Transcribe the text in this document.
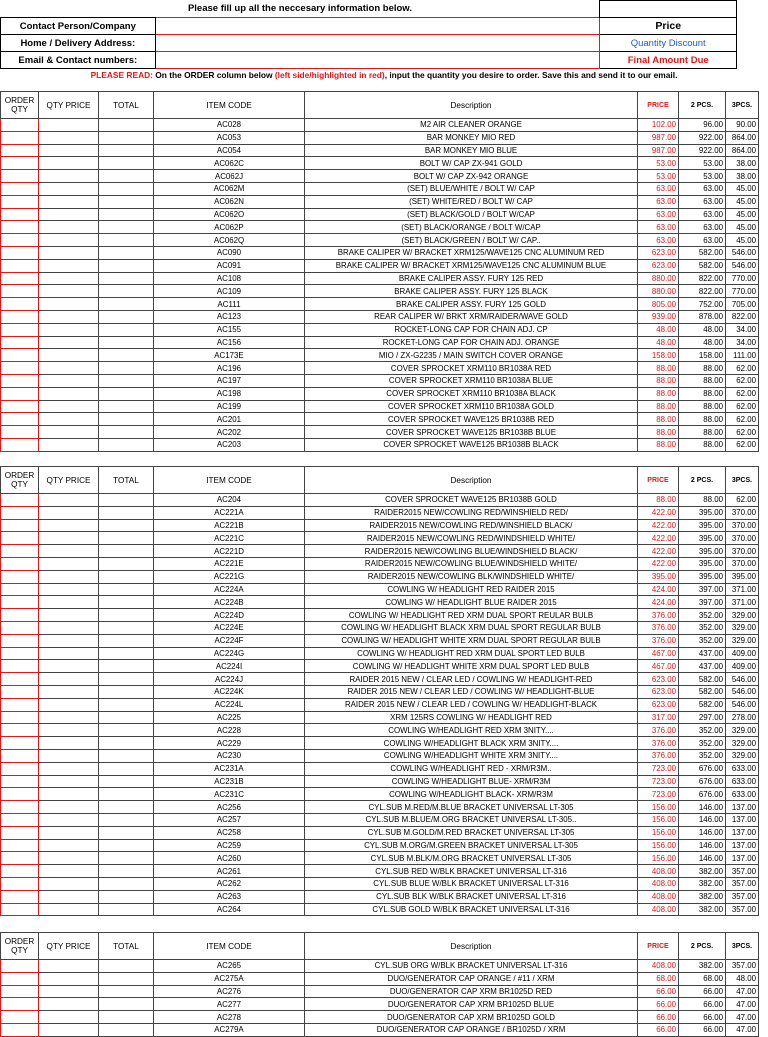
Please fill up all the neccesary information below.		
Contact Person/Company		Price
Home / Delivery Address:		Quantity Discount
Email & Contact numbers:		Final Amount Due
PLEASE READ: On the ORDER column below (left side/highlighted in red), input the quantity you desire to order. Save this and send it to our email.
ORDER QTY	QTY PRICE	TOTAL	ITEM CODE	Description	PRICE	2 PCS.	3PCS.
			AC028	M2 AIR CLEANER ORANGE	102.00	96.00	90.00
			AC053	BAR MONKEY MIO RED	987.00	922.00	864.00
			AC054	BAR MONKEY MIO BLUE	987.00	922.00	864.00
			AC062C	BOLT W/ CAP ZX-941 GOLD	53.00	53.00	38.00
			AC062J	BOLT W/ CAP ZX-942 ORANGE	53.00	53.00	38.00
			AC062M	(SET) BLUE/WHITE / BOLT W/ CAP	63.00	63.00	45.00
			AC062N	(SET) WHITE/RED / BOLT W/ CAP	63.00	63.00	45.00
			AC062O	(SET) BLACK/GOLD / BOLT W/CAP	63.00	63.00	45.00
			AC062P	(SET) BLACK/ORANGE / BOLT W/CAP	63.00	63.00	45.00
			AC062Q	(SET) BLACK/GREEN / BOLT W/ CAP..	63.00	63.00	45.00
			AC090	BRAKE CALIPER W/ BRACKET XRM125/WAVE125 CNC ALUMINUM RED	623.00	582.00	546.00
			AC091	BRAKE CALIPER W/ BRACKET XRM125/WAVE125 CNC ALUMINUM BLUE	623.00	582.00	546.00
			AC108	BRAKE CALIPER ASSY. FURY 125 RED	880.00	822.00	770.00
			AC109	BRAKE CALIPER ASSY. FURY 125 BLACK	880.00	822.00	770.00
			AC111	BRAKE CALIPER ASSY. FURY 125 GOLD	805.00	752.00	705.00
			AC123	REAR CALIPER W/ BRKT XRM/RAIDER/WAVE GOLD	939.00	878.00	822.00
			AC155	ROCKET-LONG CAP FOR CHAIN ADJ. CP	48.00	48.00	34.00
			AC156	ROCKET-LONG CAP FOR CHAIN ADJ. ORANGE	48.00	48.00	34.00
			AC173E	MIO / ZX-G2235 / MAIN SWITCH COVER ORANGE	158.00	158.00	111.00
			AC196	COVER SPROCKET XRM110 BR1038A RED	88.00	88.00	62.00
			AC197	COVER SPROCKET XRM110 BR1038A BLUE	88.00	88.00	62.00
			AC198	COVER SPROCKET XRM110 BR1038A BLACK	88.00	88.00	62.00
			AC199	COVER SPROCKET XRM110 BR1038A GOLD	88.00	88.00	62.00
			AC201	COVER SPROCKET WAVE125 BR1038B RED	88.00	88.00	62.00
			AC202	COVER SPROCKET WAVE125 BR1038B BLUE	88.00	88.00	62.00
			AC203	COVER SPROCKET WAVE125 BR1038B BLACK	88.00	88.00	62.00
ORDER QTY	QTY PRICE	TOTAL	ITEM CODE	Description	PRICE	2 PCS.	3PCS.
			AC204	COVER SPROCKET WAVE125 BR1038B GOLD	88.00	88.00	62.00
			AC221A	RAIDER2015 NEW/COWLING RED/WINSHIELD RED/	422.00	395.00	370.00
			AC221B	RAIDER2015 NEW/COWLING RED/WINSHIELD BLACK/	422.00	395.00	370.00
			AC221C	RAIDER2015 NEW/COWLING RED/WINDSHIELD WHITE/	422.00	395.00	370.00
			AC221D	RAIDER2015 NEW/COWLING BLUE/WINDSHIELD BLACK/	422.00	395.00	370.00
			AC221E	RAIDER2015 NEW/COWLING BLUE/WINDSHIELD WHITE/	422.00	395.00	370.00
			AC221G	RAIDER2015 NEW/COWLING BLK/WINDSHIELD WHITE/	395.00	395.00	395.00
			AC224A	COWLING W/ HEADLIGHT RED RAIDER 2015	424.00	397.00	371.00
			AC224B	COWLING W/ HEADLIGHT BLUE RAIDER 2015	424.00	397.00	371.00
			AC224D	COWLING W/ HEADLIGHT RED XRM DUAL SPORT REULAR BULB	376.00	352.00	329.00
			AC224E	COWLING W/ HEADLIGHT BLACK XRM DUAL SPORT REGULAR BULB	376.00	352.00	329.00
			AC224F	COWLING W/ HEADLIGHT WHITE XRM DUAL SPORT REGULAR BULB	376.00	352.00	329.00
			AC224G	COWLING W/ HEADLIGHT RED XRM DUAL SPORT LED BULB	467.00	437.00	409.00
			AC224I	COWLING W/ HEADLIGHT WHITE XRM DUAL SPORT LED BULB	467.00	437.00	409.00
			AC224J	RAIDER 2015 NEW / CLEAR LED / COWLING W/ HEADLIGHT-RED	623.00	582.00	546.00
			AC224K	RAIDER 2015 NEW / CLEAR LED / COWLING W/ HEADLIGHT-BLUE	623.00	582.00	546.00
			AC224L	RAIDER 2015 NEW / CLEAR LED / COWLING W/ HEADLIGHT-BLACK	623.00	582.00	546.00
			AC225	XRM 125RS COWLING W/ HEADLIGHT RED	317.00	297.00	278.00
			AC228	COWLING W/HEADLIGHT RED XRM 3NITY....	376.00	352.00	329.00
			AC229	COWLING W/HEADLIGHT BLACK XRM 3NITY....	376.00	352.00	329.00
			AC230	COWLING W/HEADLIGHT WHITE XRM 3NITY....	376.00	352.00	329.00
			AC231A	COWLING W/HEADLIGHT RED - XRM/R3M..	723.00	676.00	633.00
			AC231B	COWLING W/HEADLIGHT BLUE- XRM/R3M	723.00	676.00	633.00
			AC231C	COWLING W/HEADLIGHT BLACK- XRM/R3M	723.00	676.00	633.00
			AC256	CYL.SUB M.RED/M.BLUE BRACKET UNIVERSAL LT-305	156.00	146.00	137.00
			AC257	CYL.SUB M.BLUE/M.ORG BRACKET UNIVERSAL LT-305..	156.00	146.00	137.00
			AC258	CYL.SUB M.GOLD/M.RED BRACKET UNIVERSAL LT-305	156.00	146.00	137.00
			AC259	CYL.SUB M.ORG/M.GREEN BRACKET UNIVERSAL LT-305	156.00	146.00	137.00
			AC260	CYL.SUB M.BLK/M.ORG BRACKET UNIVERSAL LT-305	156.00	146.00	137.00
			AC261	CYL.SUB RED W/BLK BRACKET UNIVERSAL LT-316	408.00	382.00	357.00
			AC262	CYL.SUB BLUE W/BLK BRACKET UNIVERSAL LT-316	408.00	382.00	357.00
			AC263	CYL.SUB BLK W/BLK BRACKET UNIVERSAL LT-316	408.00	382.00	357.00
			AC264	CYL.SUB GOLD W/BLK BRACKET UNIVERSAL LT-316	408.00	382.00	357.00
ORDER QTY	QTY PRICE	TOTAL	ITEM CODE	Description	PRICE	2 PCS.	3PCS.
			AC265	CYL.SUB ORG W/BLK BRACKET UNIVERSAL LT-316	408.00	382.00	357.00
			AC275A	DUO/GENERATOR CAP ORANGE / #11 / XRM	68.00	68.00	48.00
			AC276	DUO/GENERATOR CAP XRM BR1025D RED	66.00	66.00	47.00
			AC277	DUO/GENERATOR CAP XRM BR1025D BLUE	66.00	66.00	47.00
			AC278	DUO/GENERATOR CAP XRM BR1025D GOLD	66.00	66.00	47.00
			AC279A	DUO/GENERATOR CAP ORANGE / BR1025D / XRM	66.00	66.00	47.00
